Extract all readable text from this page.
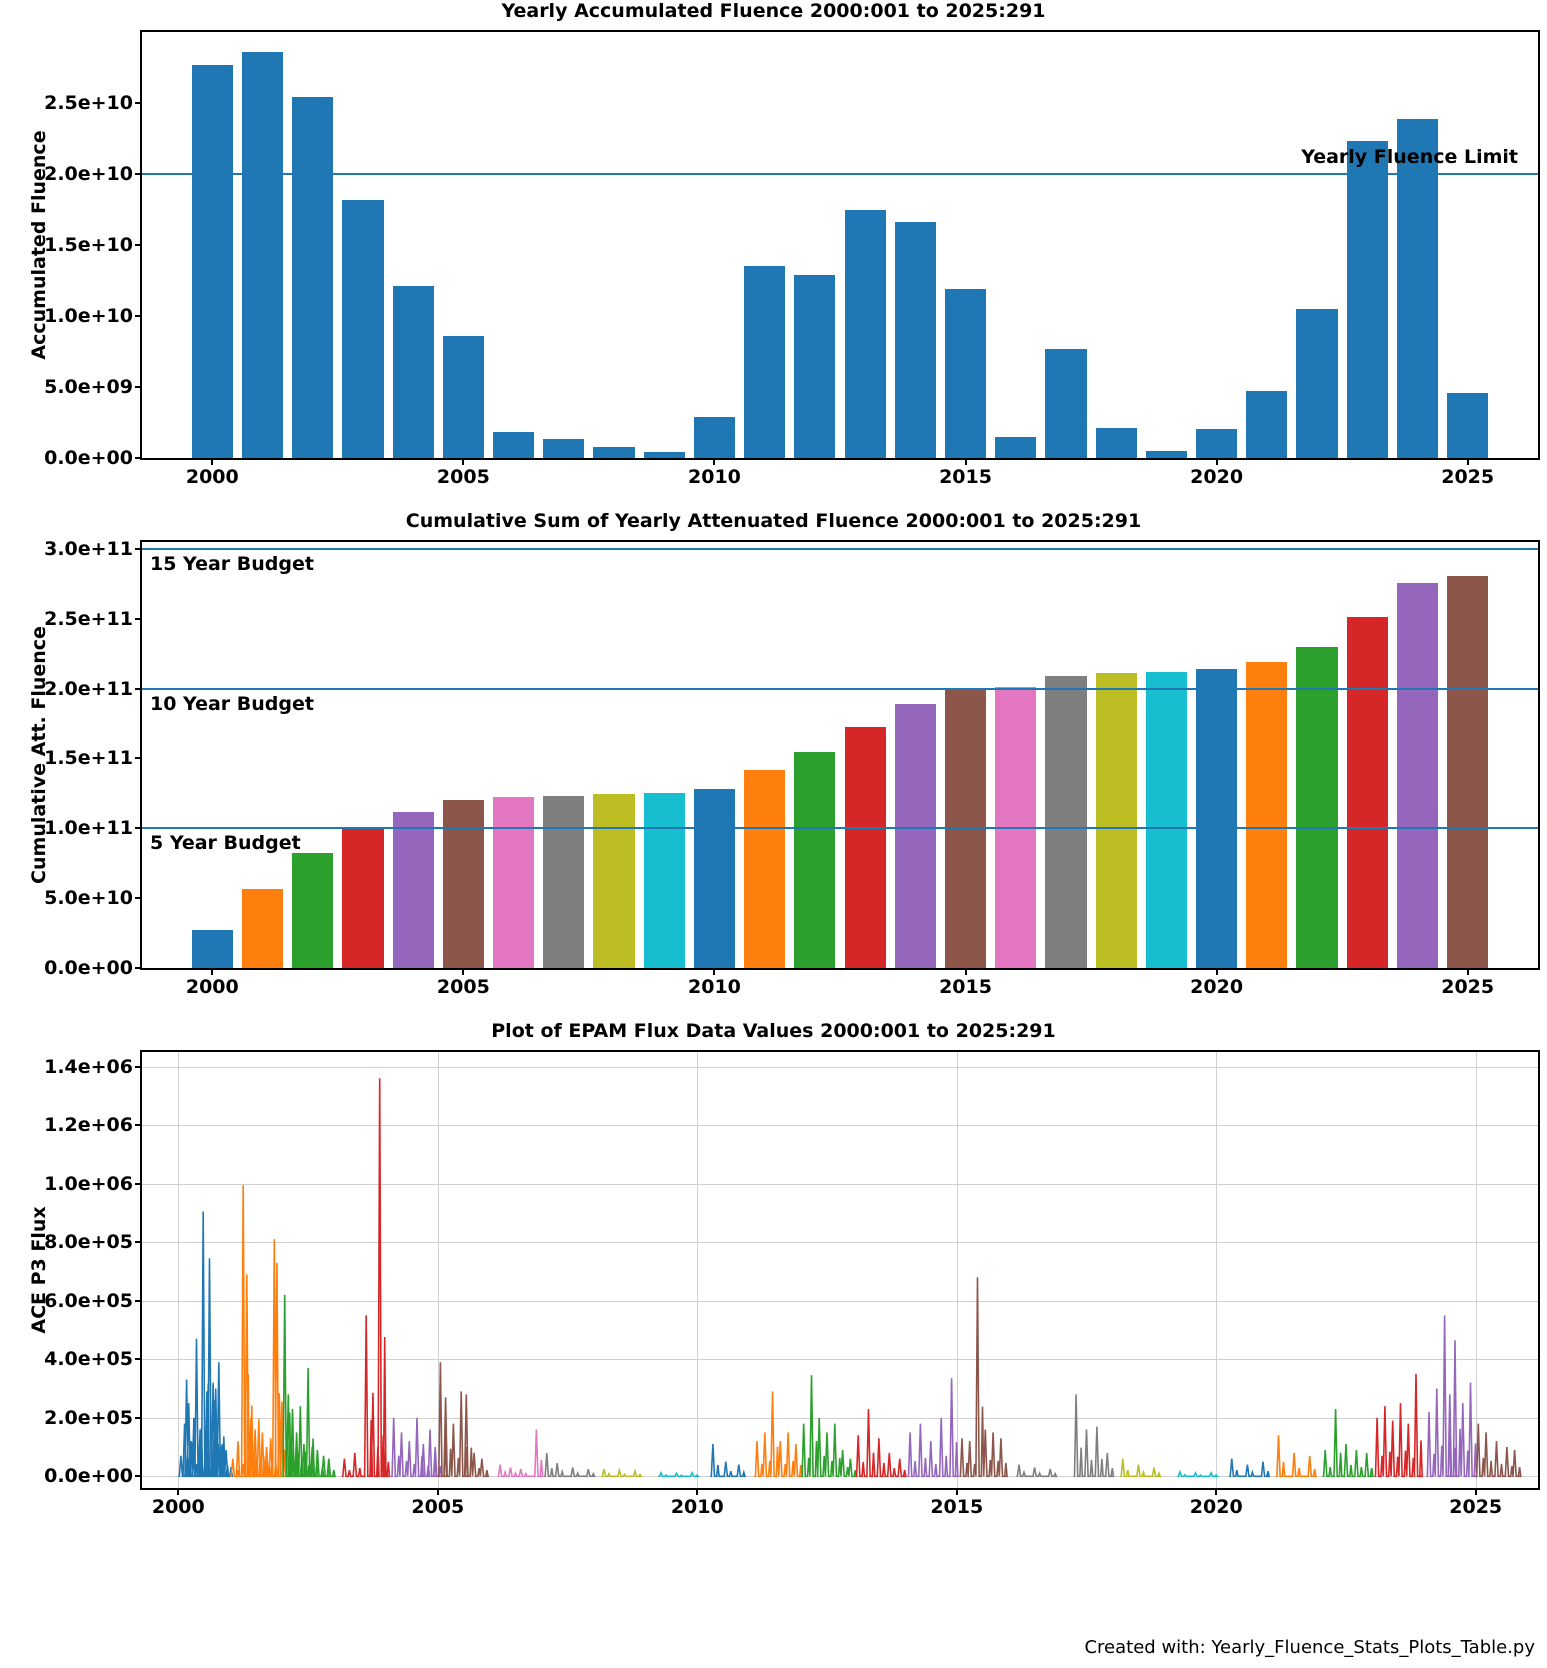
Yearly Accumulated Fluence 2000:001 to 2025:291
Accumulated Fluence	Yearly Fluence Limit
0.0e+00
5.0e+09
1.0e+10
1.5e+10
2.0e+10
2.5e+10
2000	2005	2010	2015	2020	2025
Cumulative Sum of Yearly Attenuated Fluence 2000:001 to 2025:291
Cumulative Att. Fluence
15 Year Budget
10 Year Budget
5 Year Budget
0.0e+00
5.0e+10
1.0e+11
1.5e+11
2.0e+11
2.5e+11
3.0e+11
2000	2005	2010	2015	2020	2025
Plot of EPAM Flux Data Values 2000:001 to 2025:291
ACE P3 Flux
0.0e+00
2.0e+05
4.0e+05
6.0e+05
8.0e+05
1.0e+06
1.2e+06
1.4e+06
2000	2005	2010	2015	2020	2025
Created with: Yearly_Fluence_Stats_Plots_Table.py
